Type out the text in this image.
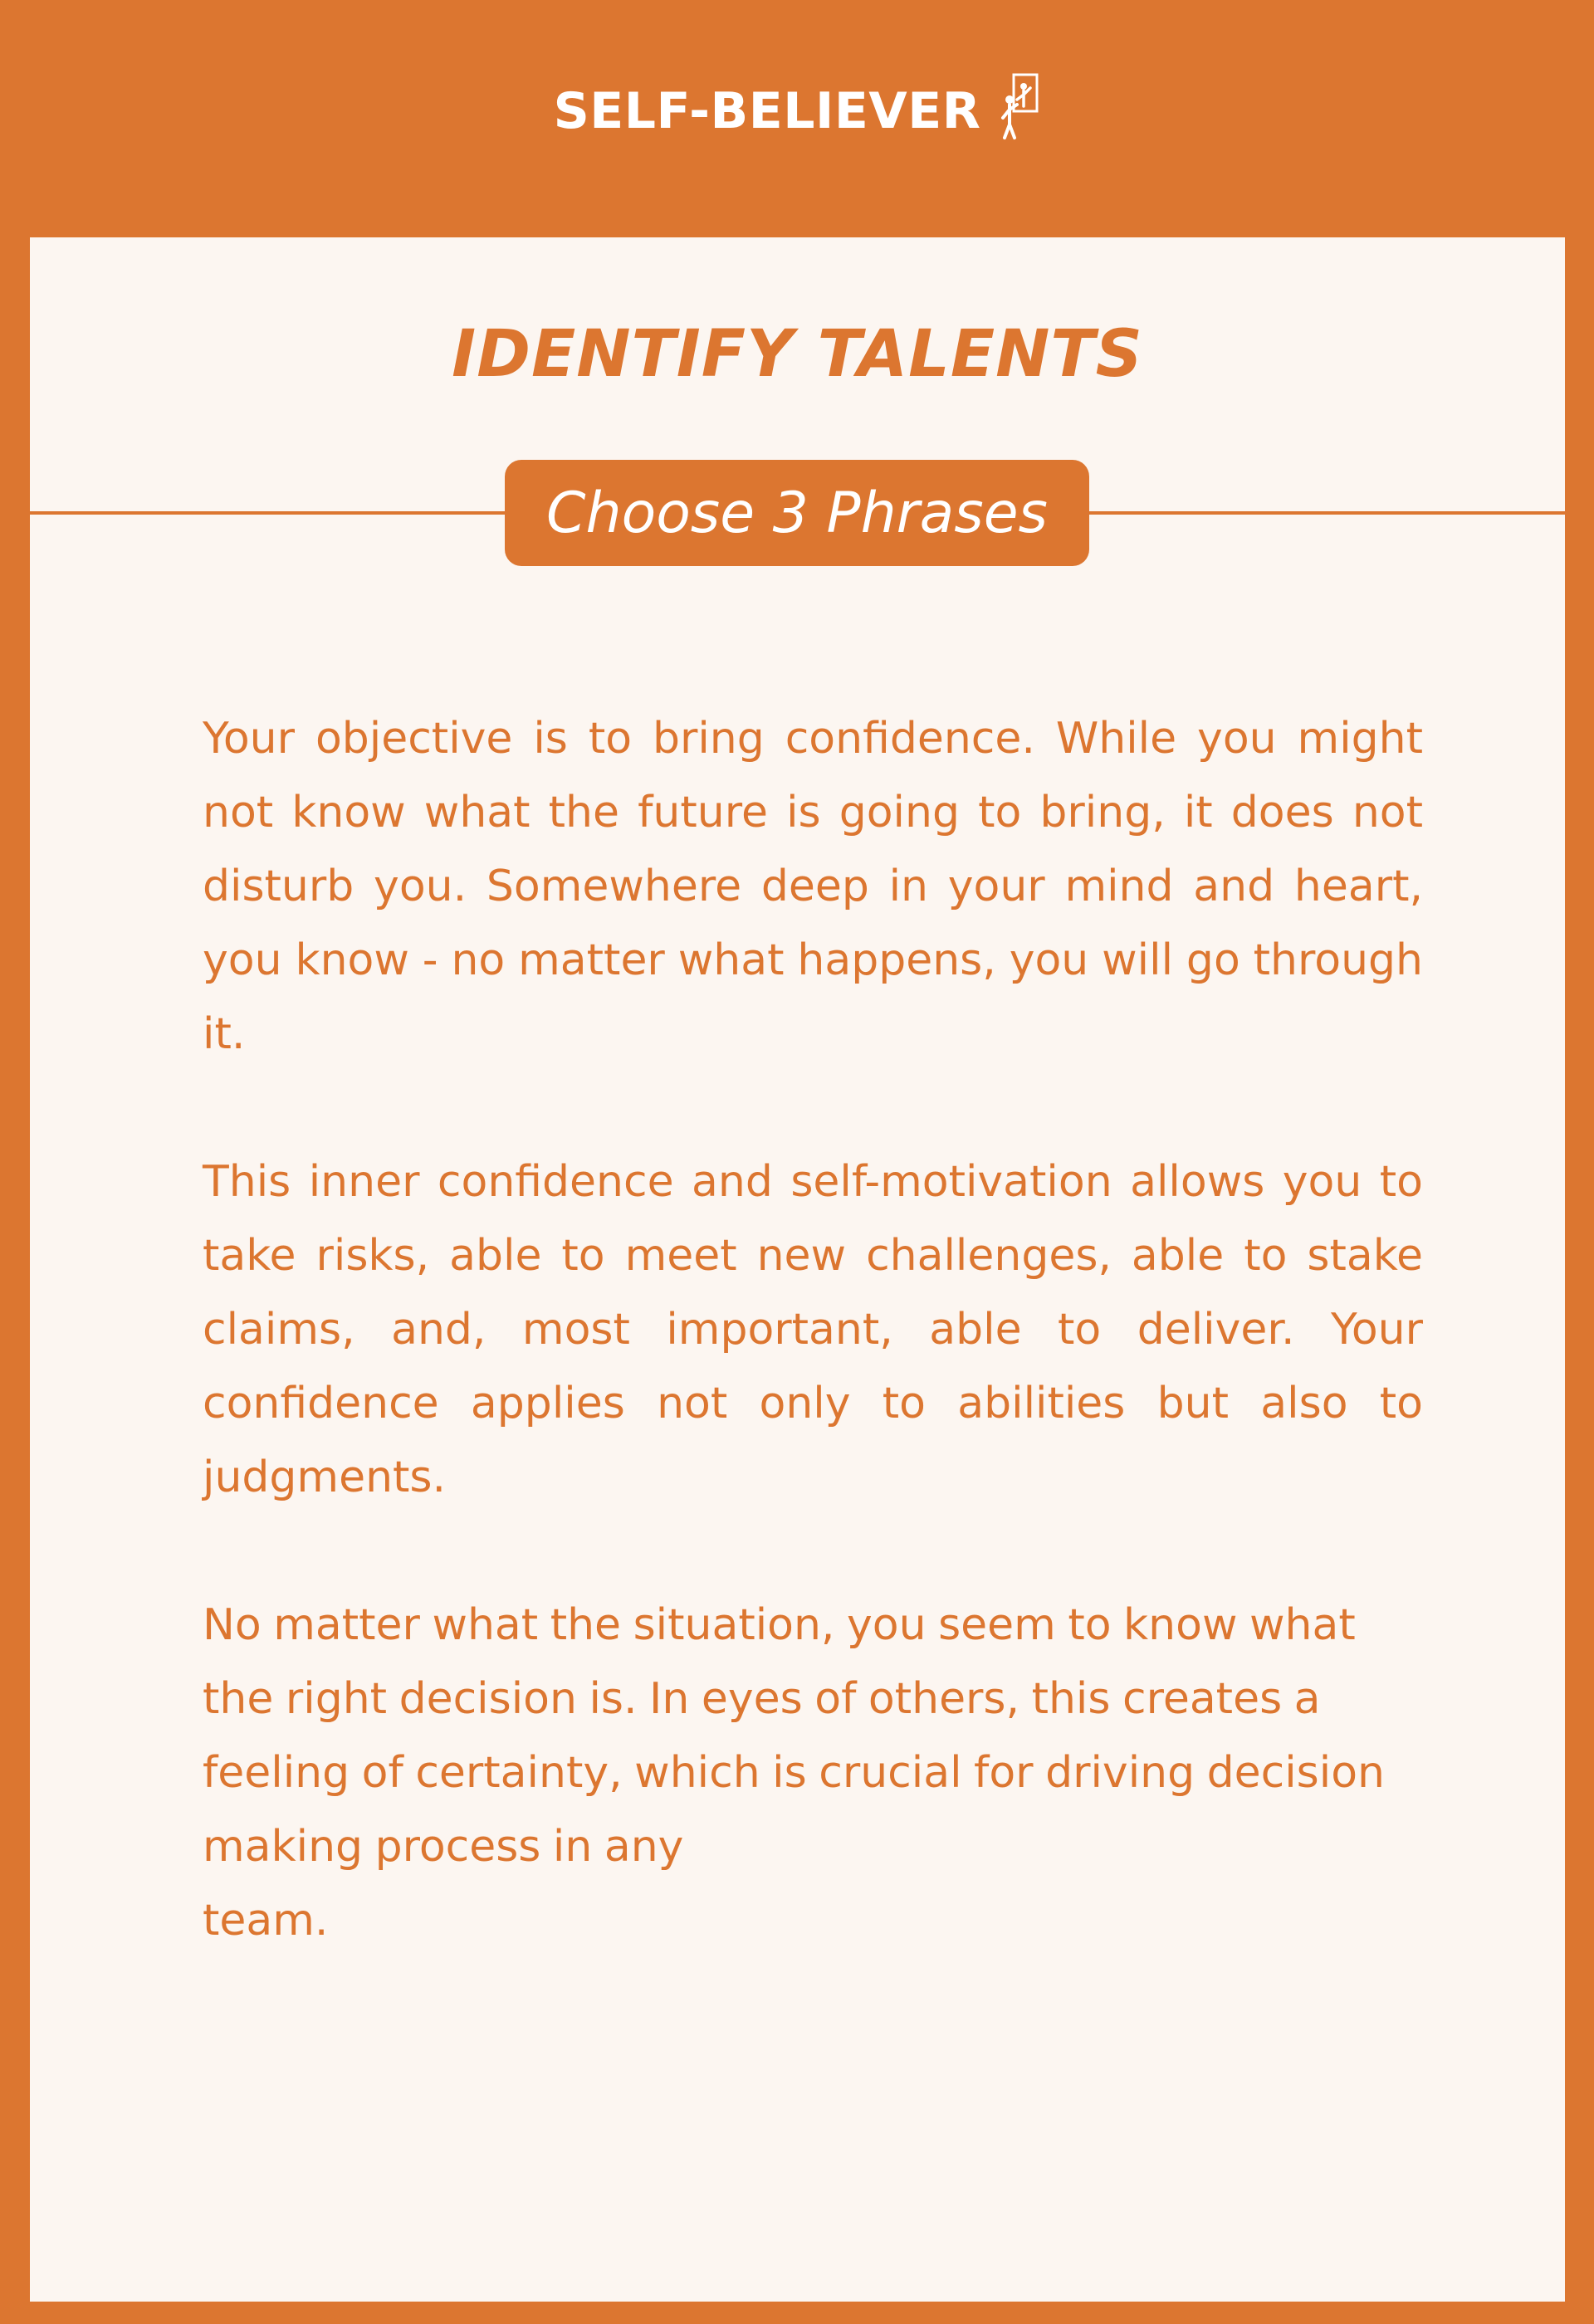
SELF-BELIEVER
IDENTIFY TALENTS
Choose 3 Phrases

Your objective is to bring confidence. While you might not know what the future is going to bring, it does not disturb you. Somewhere deep in your mind and heart, you know - no matter what happens, you will go through it.

This inner confidence and self-motivation allows you to take risks, able to meet new challenges, able to stake claims, and, most important, able to deliver. Your confidence applies not only to abilities but also to judgments.

No matter what the situation, you seem to know what the right decision is. In eyes of others, this creates a feeling of certainty, which is crucial for driving decision making process in any
team.
